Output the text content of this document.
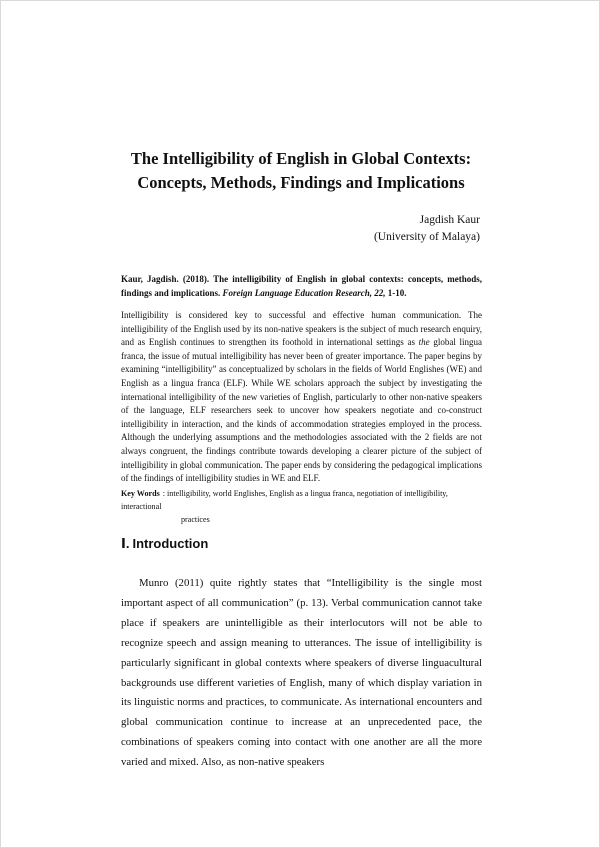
The Intelligibility of English in Global Contexts:
Concepts, Methods, Findings and Implications
Jagdish Kaur
(University of Malaya)
Kaur, Jagdish. (2018). The intelligibility of English in global contexts: concepts, methods, findings and implications. Foreign Language Education Research, 22, 1-10.
Intelligibility is considered key to successful and effective human communication. The intelligibility of the English used by its non-native speakers is the subject of much research enquiry, and as English continues to strengthen its foothold in international settings as the global lingua franca, the issue of mutual intelligibility has never been of greater importance. The paper begins by examining “intelligibility” as conceptualized by scholars in the fields of World Englishes (WE) and English as a lingua franca (ELF). While WE scholars approach the subject by investigating the international intelligibility of the new varieties of English, particularly to other non-native speakers of the language, ELF researchers seek to uncover how speakers negotiate and co-construct intelligibility in interaction, and the kinds of accommodation strategies employed in the process. Although the underlying assumptions and the methodologies associated with the 2 fields are not always congruent, the findings contribute towards developing a clearer picture of the subject of intelligibility in global communication. The paper ends by considering the pedagogical implications of the findings of intelligibility studies in WE and ELF.
Key Words : intelligibility, world Englishes, English as a lingua franca, negotiation of intelligibility, interactional
practices
Ⅰ. Introduction
Munro (2011) quite rightly states that “Intelligibility is the single most important aspect of all communication” (p. 13). Verbal communication cannot take place if speakers are unintelligible as their interlocutors will not be able to recognize speech and assign meaning to utterances. The issue of intelligibility is particularly significant in global contexts where speakers of diverse linguacultural backgrounds use different varieties of English, many of which display variation in its linguistic norms and practices, to communicate. As international encounters and global communication continue to increase at an unprecedented pace, the combinations of speakers coming into contact with one another are all the more varied and mixed. Also, as non-native speakers
